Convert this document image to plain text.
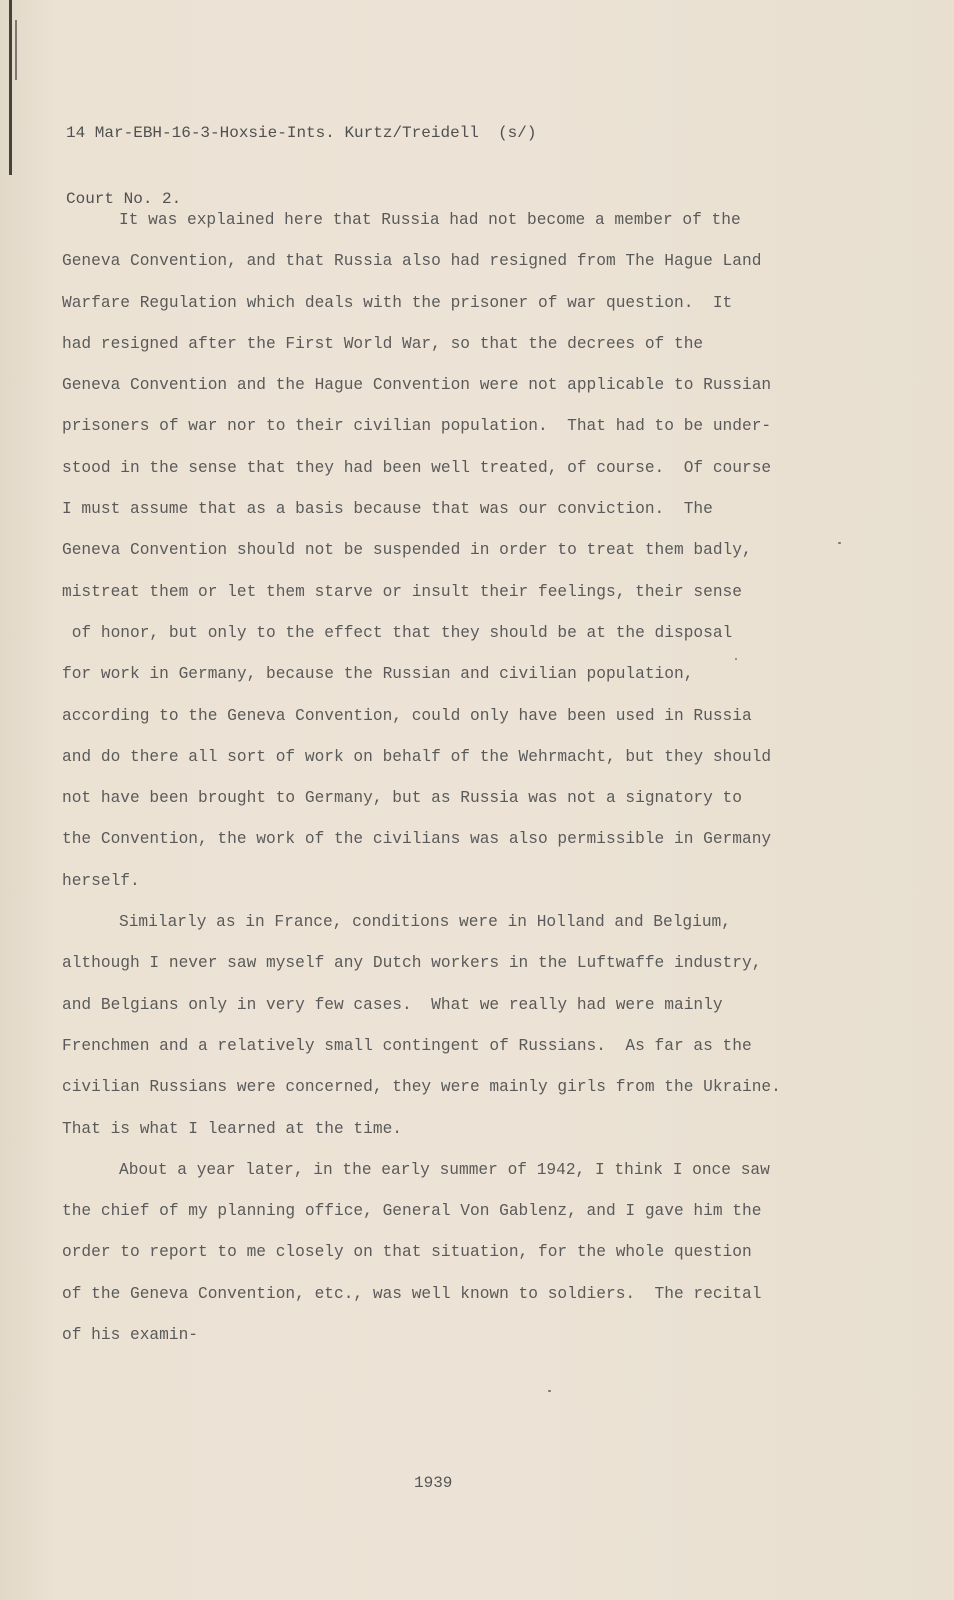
14 Mar-EBH-16-3-Hoxsie-Ints. Kurtz/Treidell  (s/)

Court No. 2.

It was explained here that Russia had not become a member of the
Geneva Convention, and that Russia also had resigned from The Hague Land
Warfare Regulation which deals with the prisoner of war question.  It
had resigned after the First World War, so that the decrees of the
Geneva Convention and the Hague Convention were not applicable to Russian
prisoners of war nor to their civilian population.  That had to be under-
stood in the sense that they had been well treated, of course.  Of course
I must assume that as a basis because that was our conviction.  The
Geneva Convention should not be suspended in order to treat them badly,
mistreat them or let them starve or insult their feelings, their sense
of honor, but only to the effect that they should be at the disposal
for work in Germany, because the Russian and civilian population,
according to the Geneva Convention, could only have been used in Russia
and do there all sort of work on behalf of the Wehrmacht, but they should
not have been brought to Germany, but as Russia was not a signatory to
the Convention, the work of the civilians was also permissible in Germany
herself.
Similarly as in France, conditions were in Holland and Belgium,
although I never saw myself any Dutch workers in the Luftwaffe industry,
and Belgians only in very few cases.  What we really had were mainly
Frenchmen and a relatively small contingent of Russians.  As far as the
civilian Russians were concerned, they were mainly girls from the Ukraine.
That is what I learned at the time.
About a year later, in the early summer of 1942, I think I once saw
the chief of my planning office, General Von Gablenz, and I gave him the
order to report to me closely on that situation, for the whole question
of the Geneva Convention, etc., was well known to soldiers.  The recital
of his examin-
1939
